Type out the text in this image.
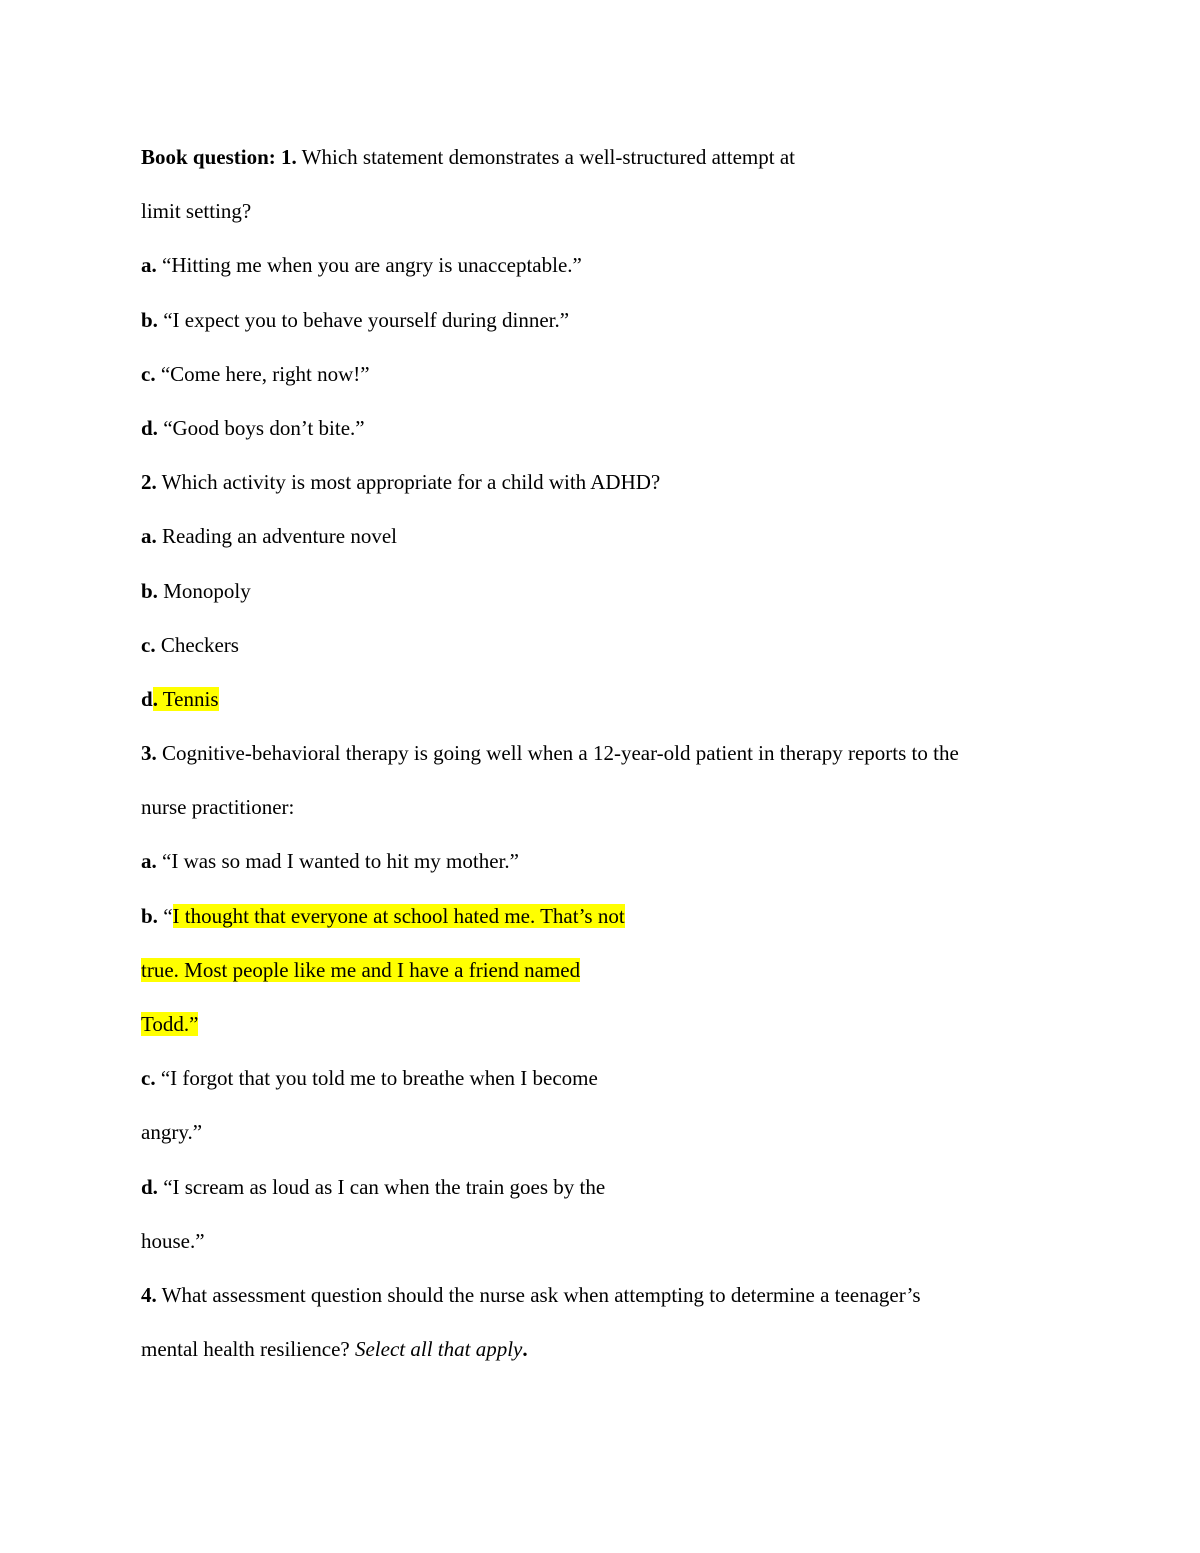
Book question: 1. Which statement demonstrates a well-structured attempt at
limit setting?
a. “Hitting me when you are angry is unacceptable.”
b. “I expect you to behave yourself during dinner.”
c. “Come here, right now!”
d. “Good boys don’t bite.”
2. Which activity is most appropriate for a child with ADHD?
a. Reading an adventure novel
b. Monopoly
c. Checkers
d. Tennis
3. Cognitive-behavioral therapy is going well when a 12-year-old patient in therapy reports to the
nurse practitioner:
a. “I was so mad I wanted to hit my mother.”
b. “I thought that everyone at school hated me. That’s not
true. Most people like me and I have a friend named
Todd.”
c. “I forgot that you told me to breathe when I become
angry.”
d. “I scream as loud as I can when the train goes by the
house.”
4. What assessment question should the nurse ask when attempting to determine a teenager’s
mental health resilience? Select all that apply.
